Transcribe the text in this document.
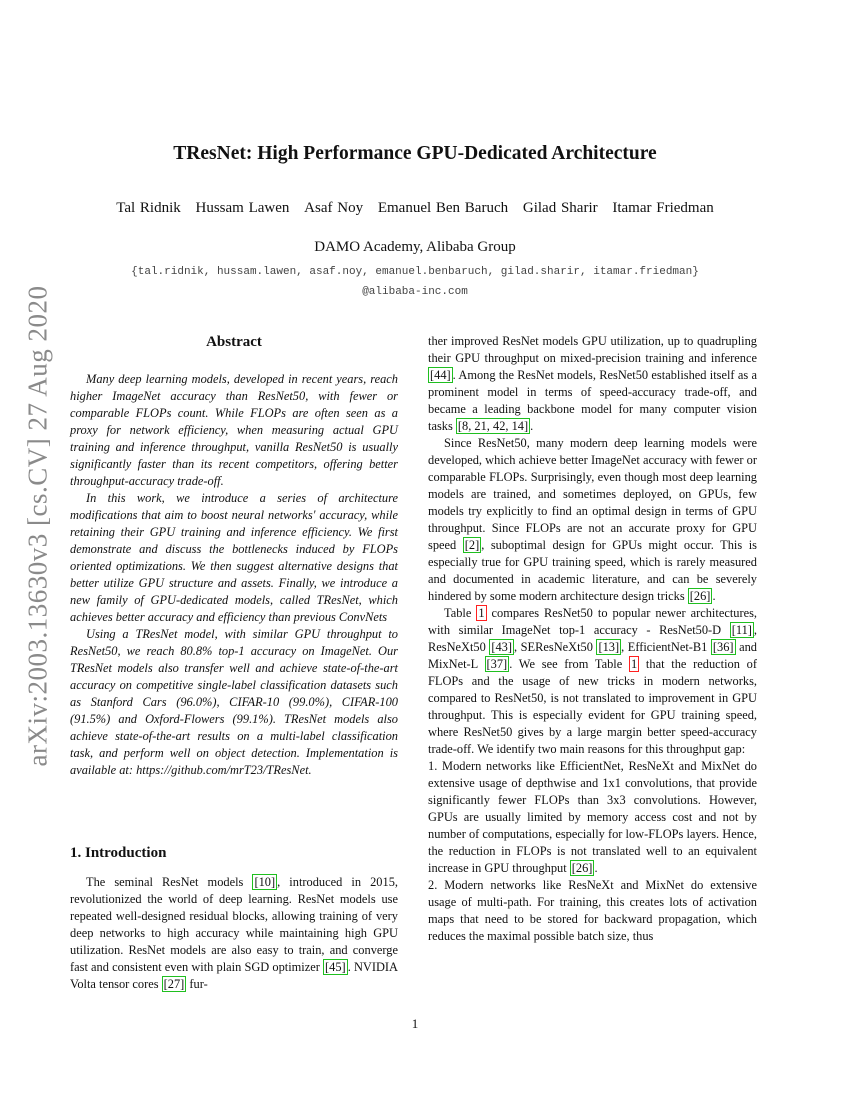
arXiv:2003.13630v3 [cs.CV] 27 Aug 2020
TResNet: High Performance GPU-Dedicated Architecture
Tal Ridnik Hussam Lawen Asaf Noy Emanuel Ben Baruch Gilad Sharir Itamar Friedman
DAMO Academy, Alibaba Group
{tal.ridnik, hussam.lawen, asaf.noy, emanuel.benbaruch, gilad.sharir, itamar.friedman}
@alibaba-inc.com
Abstract

Many deep learning models, developed in recent years, reach higher ImageNet accuracy than ResNet50, with fewer or comparable FLOPs count. While FLOPs are often seen as a proxy for network efficiency, when measuring actual GPU training and inference throughput, vanilla ResNet50 is usually significantly faster than its recent competitors, offering better throughput-accuracy trade-off.

In this work, we introduce a series of architecture modifications that aim to boost neural networks' accuracy, while retaining their GPU training and inference efficiency. We first demonstrate and discuss the bottlenecks induced by FLOPs oriented optimizations. We then suggest alternative designs that better utilize GPU structure and assets. Finally, we introduce a new family of GPU-dedicated models, called TResNet, which achieves better accuracy and efficiency than previous ConvNets

Using a TResNet model, with similar GPU throughput to ResNet50, we reach 80.8% top-1 accuracy on ImageNet. Our TResNet models also transfer well and achieve state-of-the-art accuracy on competitive single-label classification datasets such as Stanford Cars (96.0%), CIFAR-10 (99.0%), CIFAR-100 (91.5%) and Oxford-Flowers (99.1%). TResNet models also achieve state-of-the-art results on a multi-label classification task, and perform well on object detection. Implementation is available at: https://github.com/mrT23/TResNet.

1. Introduction

The seminal ResNet models [10] , introduced in 2015, revolutionized the world of deep learning. ResNet models use repeated well-designed residual blocks, allowing training of very deep networks to high accuracy while maintaining high GPU utilization. ResNet models are also easy to train, and converge fast and consistent even with plain SGD optimizer [45] . NVIDIA Volta tensor cores [27] fur-

ther improved ResNet models GPU utilization, up to quadrupling their GPU throughput on mixed-precision training and inference [44] . Among the ResNet models, ResNet50 established itself as a prominent model in terms of speed-accuracy trade-off, and became a leading backbone model for many computer vision tasks [8, 21, 42, 14] .

Since ResNet50, many modern deep learning models were developed, which achieve better ImageNet accuracy with fewer or comparable FLOPs. Surprisingly, even though most deep learning models are trained, and sometimes deployed, on GPUs, few models try explicitly to find an optimal design in terms of GPU throughput. Since FLOPs are not an accurate proxy for GPU speed [2] , suboptimal design for GPUs might occur. This is especially true for GPU training speed, which is rarely measured and documented in academic literature, and can be severely hindered by some modern architecture design tricks [26] .

Table 1 compares ResNet50 to popular newer architectures, with similar ImageNet top-1 accuracy - ResNet50-D [11] , ResNeXt50 [43] , SEResNeXt50 [13] , EfficientNet-B1 [36] and MixNet-L [37] . We see from Table 1 that the reduction of FLOPs and the usage of new tricks in modern networks, compared to ResNet50, is not translated to improvement in GPU throughput. This is especially evident for GPU training speed, where ResNet50 gives by a large margin better speed-accuracy trade-off. We identify two main reasons for this throughput gap:

1. Modern networks like EfficientNet, ResNeXt and MixNet do extensive usage of depthwise and 1x1 convolutions, that provide significantly fewer FLOPs than 3x3 convolutions. However, GPUs are usually limited by memory access cost and not by number of computations, especially for low-FLOPs layers. Hence, the reduction in FLOPs is not translated well to an equivalent increase in GPU throughput [26] .

2. Modern networks like ResNeXt and MixNet do extensive usage of multi-path. For training, this creates lots of activation maps that need to be stored for backward propagation, which reduces the maximal possible batch size, thus

1
